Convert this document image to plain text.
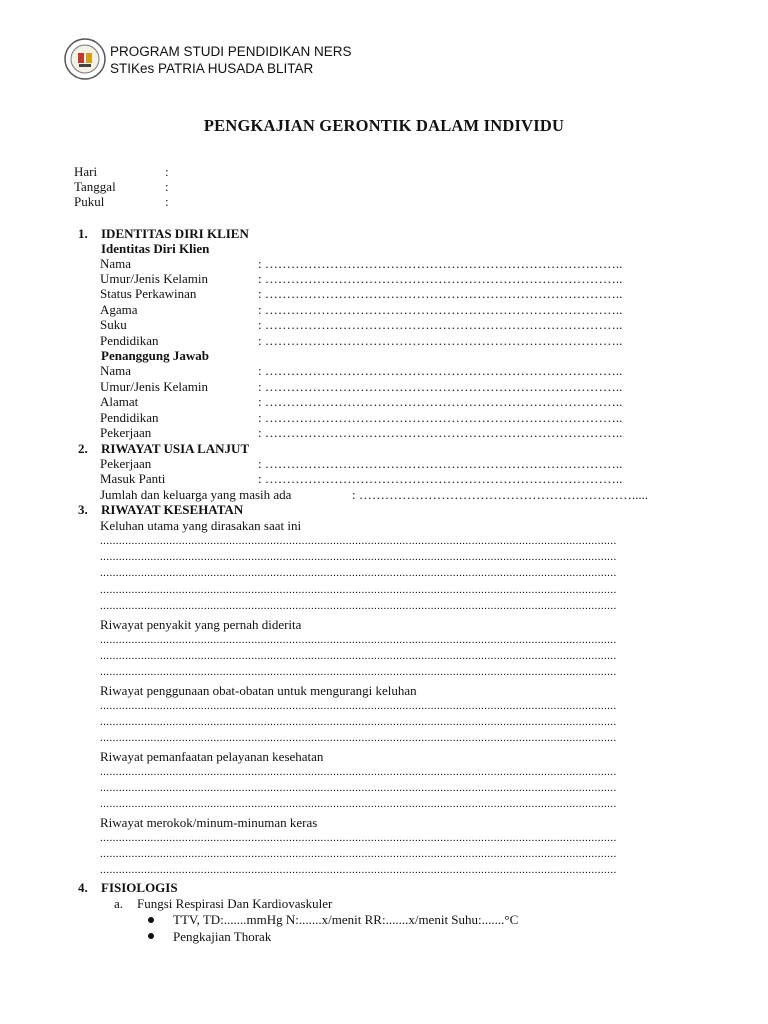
PROGRAM STUDI PENDIDIKAN NERS
STIKes PATRIA HUSADA BLITAR
PENGKAJIAN GERONTIK DALAM INDIVIDU
Hari	:
Tanggal	:
Pukul	:
1. IDENTITAS DIRI KLIEN
Identitas Diri Klien
Nama	: ………………………………………………………………………..
Umur/Jenis Kelamin	: ………………………………………………………………………..
Status Perkawinan	: ………………………………………………………………………..
Agama	: ………………………………………………………………………..
Suku	: ………………………………………………………………………..
Pendidikan	: ………………………………………………………………………..
Penanggung Jawab
Nama	: ………………………………………………………………………..
Umur/Jenis Kelamin	: ………………………………………………………………………..
Alamat	: ………………………………………………………………………..
Pendidikan	: ………………………………………………………………………..
Pekerjaan	: ………………………………………………………………………..
2. RIWAYAT USIA LANJUT
Pekerjaan	: ………………………………………………………………………..
Masuk Panti	: ………………………………………………………………………..
Jumlah dan keluarga yang masih ada	: ……………………………………………………….....
3. RIWAYAT KESEHATAN
Keluhan utama yang dirasakan saat ini
....................................................................................................................................................................
....................................................................................................................................................................
....................................................................................................................................................................
....................................................................................................................................................................
....................................................................................................................................................................
Riwayat penyakit yang pernah diderita
....................................................................................................................................................................
....................................................................................................................................................................
....................................................................................................................................................................
Riwayat penggunaan obat-obatan untuk mengurangi keluhan
....................................................................................................................................................................
....................................................................................................................................................................
....................................................................................................................................................................
Riwayat pemanfaatan pelayanan kesehatan
....................................................................................................................................................................
....................................................................................................................................................................
....................................................................................................................................................................
Riwayat merokok/minum-minuman keras
....................................................................................................................................................................
....................................................................................................................................................................
....................................................................................................................................................................
4. FISIOLOGIS
a. Fungsi Respirasi Dan Kardiovaskuler
TTV, TD:.......mmHg N:.......x/menit RR:.......x/menit Suhu:.......°C
Pengkajian Thorak
